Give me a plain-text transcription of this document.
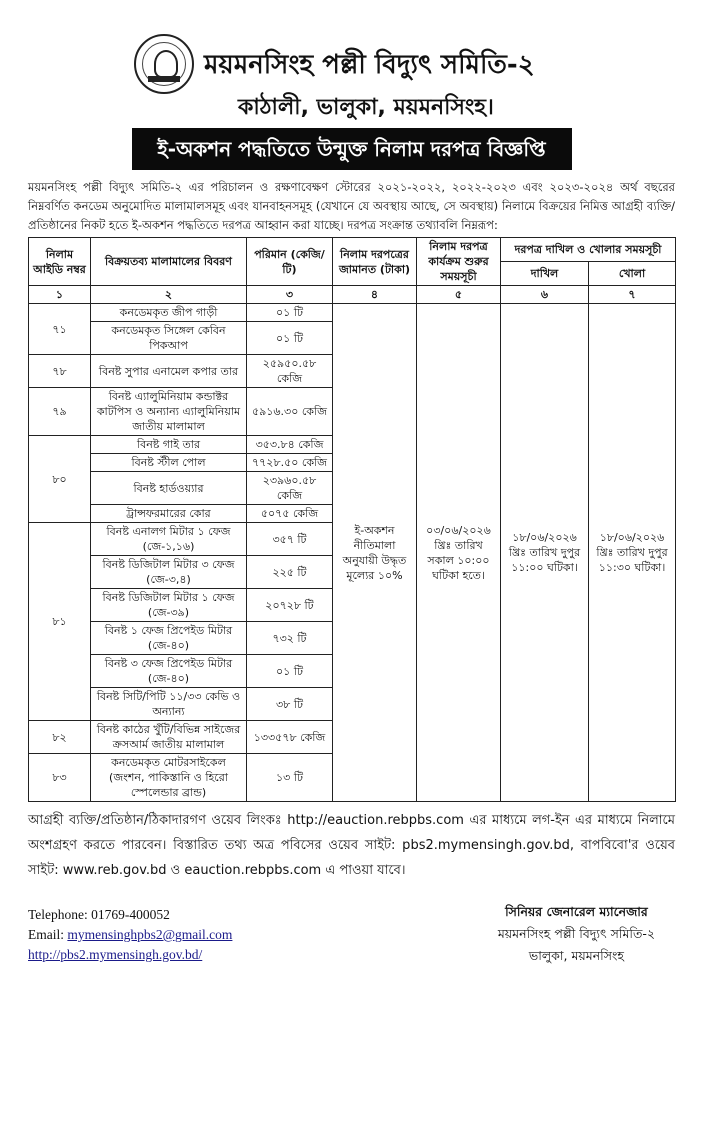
ময়মনসিংহ পল্লী বিদ্যুৎ সমিতি-২
কাঠালী, ভালুকা, ময়মনসিংহ।
ই-অকশন পদ্ধতিতে উন্মুক্ত নিলাম দরপত্র বিজ্ঞপ্তি
ময়মনসিংহ পল্লী বিদ্যুৎ সমিতি-২ এর পরিচালন ও রক্ষণাবেক্ষণ স্টোরের ২০২১-২০২২, ২০২২-২০২৩ এবং ২০২৩-২০২৪ অর্থ বছরের নিম্নবর্ণিত কনডেম অনুমোদিত মালামালসমূহ এবং যানবাহনসমূহ (যেখানে যে অবস্থায় আছে, সে অবস্থায়) নিলামে বিক্রয়ের নিমিত্ত আগ্রহী ব্যক্তি/প্রতিষ্ঠানের নিকট হতে ই-অকশন পদ্ধতিতে দরপত্র আহ্বান করা যাচ্ছে। দরপত্র সংক্রান্ত তথ্যাবলি নিম্নরূপ:
নিলাম আইডি নম্বর	বিক্রয়তব্য মালামালের বিবরণ	পরিমান (কেজি/টি)	নিলাম দরপত্রের জামানত (টাকা)	নিলাম দরপত্র কার্যক্রম শুরুর সময়সূচী	দরপত্র দাখিল ও খোলার সময়সূচী	
					দাখিল	খোলা
১	২	৩	৪	৫	৬	৭
৭১	কনডেমকৃত জীপ গাড়ী	০১ টি	ই-অকশন নীতিমালা অনুযায়ী উদ্ধৃত মূল্যের ১০%	০৩/০৬/২০২৬ খ্রিঃ তারিখ সকাল ১০:০০ ঘটিকা হতে।	১৮/০৬/২০২৬ খ্রিঃ তারিখ দুপুর ১১:০০ ঘটিকা।	১৮/০৬/২০২৬ খ্রিঃ তারিখ দুপুর ১১:৩০ ঘটিকা।
	কনডেমকৃত সিঙ্গেল কেবিন পিকআপ	০১ টি				
৭৮	বিনষ্ট সুপার এনামেল কপার তার	২৫৯৫০.৫৮ কেজি				
৭৯	বিনষ্ট এ্যালুমিনিয়াম কন্ডাক্টর কাটপিস ও অন্যান্য এ্যালুমিনিয়াম জাতীয় মালামাল	৫৯১৬.৩০ কেজি				
৮০	বিনষ্ট গাই তার	৩৫৩.৮৪ কেজি				
	বিনষ্ট স্টীল পোল	৭৭২৮.৫০ কেজি				
	বিনষ্ট হার্ডওয়্যার	২৩৯৬০.৫৮ কেজি				
	ট্রান্সফরমারের কোর	৫০৭৫ কেজি				
৮১	বিনষ্ট এনালগ মিটার ১ ফেজ (জে-১,১৬)	৩৫৭ টি				
	বিনষ্ট ডিজিটাল মিটার ৩ ফেজ (জে-৩,৪)	২২৫ টি				
	বিনষ্ট ডিজিটাল মিটার ১ ফেজ (জে-৩৯)	২০৭২৮ টি				
	বিনষ্ট ১ ফেজ প্রিপেইড মিটার (জে-৪০)	৭৩২ টি				
	বিনষ্ট ৩ ফেজ প্রিপেইড মিটার (জে-৪০)	০১ টি				
	বিনষ্ট সিটি/পিটি ১১/৩৩ কেভি ও অন্যান্য	৩৮ টি				
৮২	বিনষ্ট কাঠের খুঁটি/বিভিন্ন সাইজের ক্রসআর্ম জাতীয় মালামাল	১৩৩৫৭৮ কেজি				
৮৩	কনডেমকৃত মোটরসাইকেল (জংশন, পাকিস্তানি ও হিরো স্পেলেন্ডার ব্রান্ড)	১৩ টি				
আগ্রহী ব্যক্তি/প্রতিষ্ঠান/ঠিকাদারগণ ওয়েব লিংকঃ http://eauction.rebpbs.com এর মাধ্যমে লগ-ইন এর মাধ্যমে নিলামে অংশগ্রহণ করতে পারবেন। বিস্তারিত তথ্য অত্র পবিসের ওয়েব সাইট: pbs2.mymensingh.gov.bd, বাপবিবো'র ওয়েব সাইট: www.reb.gov.bd ও eauction.rebpbs.com এ পাওয়া যাবে।
Telephone: 01769-400052
Email: mymensinghpbs2@gmail.com
http://pbs2.mymensingh.gov.bd/
সিনিয়র জেনারেল ম্যানেজার
ময়মনসিংহ পল্লী বিদ্যুৎ সমিতি-২
ভালুকা, ময়মনসিংহ
